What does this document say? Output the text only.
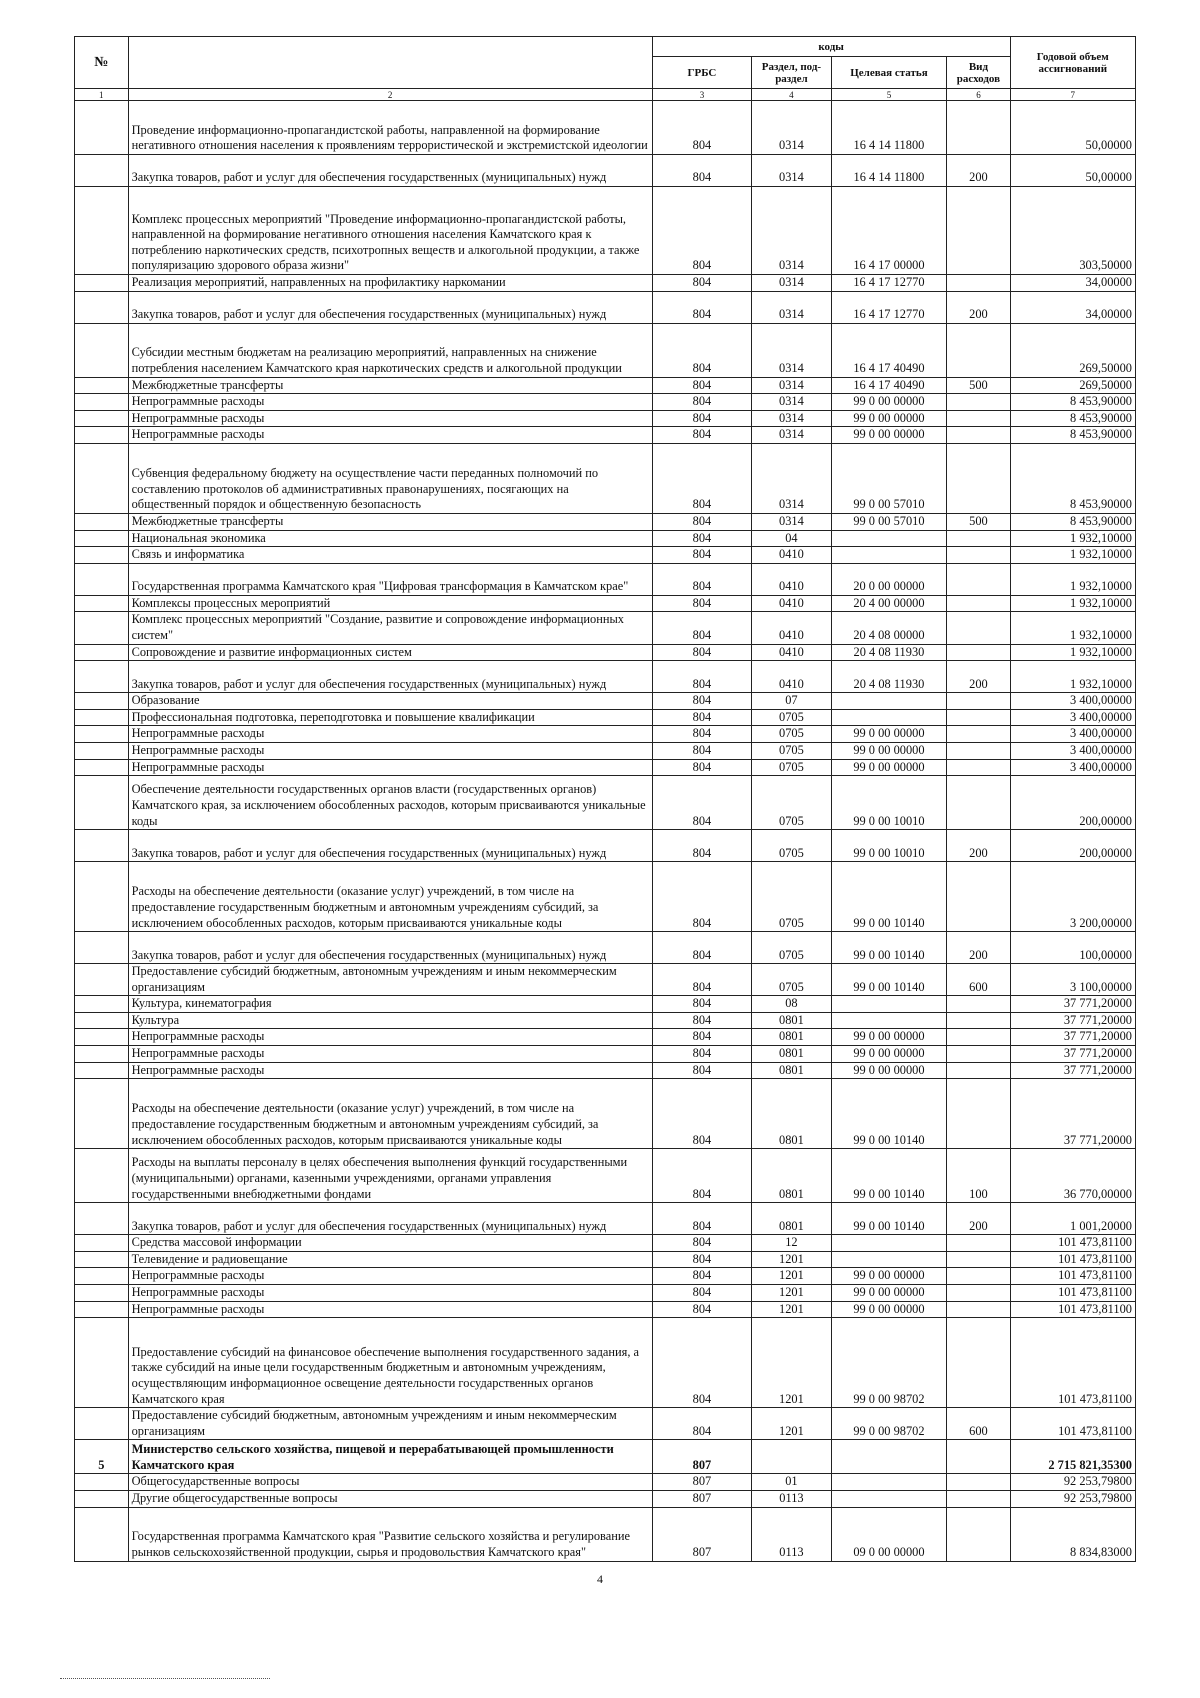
№		коды				Годовой объем ассигнований
		ГРБС	Раздел, под-раздел	Целевая статья	Вид расходов	
1	2	3	4	5	6	7
	Проведение информационно-пропагандистской работы, направленной на формирование негативного отношения населения к проявлениям террористической и экстремистской идеологии	804	0314	16 4 14 11800		50,00000
	Закупка товаров, работ и услуг для обеспечения государственных (муниципальных) нужд	804	0314	16 4 14 11800	200	50,00000
	Комплекс процессных мероприятий "Проведение информационно-пропагандистской работы, направленной на формирование негативного отношения населения Камчатского края к потреблению наркотических средств, психотропных веществ и алкогольной продукции, а также популяризацию здорового образа жизни"	804	0314	16 4 17 00000		303,50000
	Реализация мероприятий, направленных на профилактику наркомании	804	0314	16 4 17 12770		34,00000
	Закупка товаров, работ и услуг для обеспечения государственных (муниципальных) нужд	804	0314	16 4 17 12770	200	34,00000
	Субсидии местным бюджетам на реализацию мероприятий, направленных на снижение потребления населением Камчатского края наркотических средств и алкогольной продукции	804	0314	16 4 17 40490		269,50000
	Межбюджетные трансферты	804	0314	16 4 17 40490	500	269,50000
	Непрограммные расходы	804	0314	99 0 00 00000		8 453,90000
	Непрограммные расходы	804	0314	99 0 00 00000		8 453,90000
	Непрограммные расходы	804	0314	99 0 00 00000		8 453,90000
	Субвенция федеральному бюджету на осуществление части переданных полномочий по составлению протоколов об административных правонарушениях, посягающих на общественный порядок и общественную безопасность	804	0314	99 0 00 57010		8 453,90000
	Межбюджетные трансферты	804	0314	99 0 00 57010	500	8 453,90000
	Национальная экономика	804	04			1 932,10000
	Связь и информатика	804	0410			1 932,10000
	Государственная программа Камчатского края "Цифровая трансформация в Камчатском крае"	804	0410	20 0 00 00000		1 932,10000
	Комплексы процессных мероприятий	804	0410	20 4 00 00000		1 932,10000
	Комплекс процессных мероприятий "Создание, развитие и сопровождение информационных систем"	804	0410	20 4 08 00000		1 932,10000
	Сопровождение и развитие информационных систем	804	0410	20 4 08 11930		1 932,10000
	Закупка товаров, работ и услуг для обеспечения государственных (муниципальных) нужд	804	0410	20 4 08 11930	200	1 932,10000
	Образование	804	07			3 400,00000
	Профессиональная подготовка, переподготовка и повышение квалификации	804	0705			3 400,00000
	Непрограммные расходы	804	0705	99 0 00 00000		3 400,00000
	Непрограммные расходы	804	0705	99 0 00 00000		3 400,00000
	Непрограммные расходы	804	0705	99 0 00 00000		3 400,00000
	Обеспечение деятельности государственных органов власти (государственных органов) Камчатского края, за исключением обособленных расходов, которым присваиваются уникальные коды	804	0705	99 0 00 10010		200,00000
	Закупка товаров, работ и услуг для обеспечения государственных (муниципальных) нужд	804	0705	99 0 00 10010	200	200,00000
	Расходы на обеспечение деятельности (оказание услуг) учреждений, в том числе на предоставление государственным бюджетным и автономным учреждениям субсидий, за исключением обособленных расходов, которым присваиваются уникальные коды	804	0705	99 0 00 10140		3 200,00000
	Закупка товаров, работ и услуг для обеспечения государственных (муниципальных) нужд	804	0705	99 0 00 10140	200	100,00000
	Предоставление субсидий бюджетным, автономным учреждениям и иным некоммерческим организациям	804	0705	99 0 00 10140	600	3 100,00000
	Культура, кинематография	804	08			37 771,20000
	Культура	804	0801			37 771,20000
	Непрограммные расходы	804	0801	99 0 00 00000		37 771,20000
	Непрограммные расходы	804	0801	99 0 00 00000		37 771,20000
	Непрограммные расходы	804	0801	99 0 00 00000		37 771,20000
	Расходы на обеспечение деятельности (оказание услуг) учреждений, в том числе на предоставление государственным бюджетным и автономным учреждениям субсидий, за исключением обособленных расходов, которым присваиваются уникальные коды	804	0801	99 0 00 10140		37 771,20000
	Расходы на выплаты персоналу в целях обеспечения выполнения функций государственными (муниципальными) органами, казенными учреждениями, органами управления государственными внебюджетными фондами	804	0801	99 0 00 10140	100	36 770,00000
	Закупка товаров, работ и услуг для обеспечения государственных (муниципальных) нужд	804	0801	99 0 00 10140	200	1 001,20000
	Средства массовой информации	804	12			101 473,81100
	Телевидение и радиовещание	804	1201			101 473,81100
	Непрограммные расходы	804	1201	99 0 00 00000		101 473,81100
	Непрограммные расходы	804	1201	99 0 00 00000		101 473,81100
	Непрограммные расходы	804	1201	99 0 00 00000		101 473,81100
	Предоставление субсидий на финансовое обеспечение выполнения государственного задания, а также субсидий на иные цели государственным бюджетным и автономным учреждениям, осуществляющим информационное освещение деятельности государственных органов Камчатского края	804	1201	99 0 00 98702		101 473,81100
	Предоставление субсидий бюджетным, автономным учреждениям и иным некоммерческим организациям	804	1201	99 0 00 98702	600	101 473,81100
5	Министерство сельского хозяйства, пищевой и перерабатывающей промышленности Камчатского края	807				2 715 821,35300
	Общегосударственные вопросы	807	01			92 253,79800
	Другие общегосударственные вопросы	807	0113			92 253,79800
	Государственная программа Камчатского края "Развитие сельского хозяйства и регулирование рынков сельскохозяйственной продукции, сырья и продовольствия Камчатского края"	807	0113	09 0 00 00000		8 834,83000
4
